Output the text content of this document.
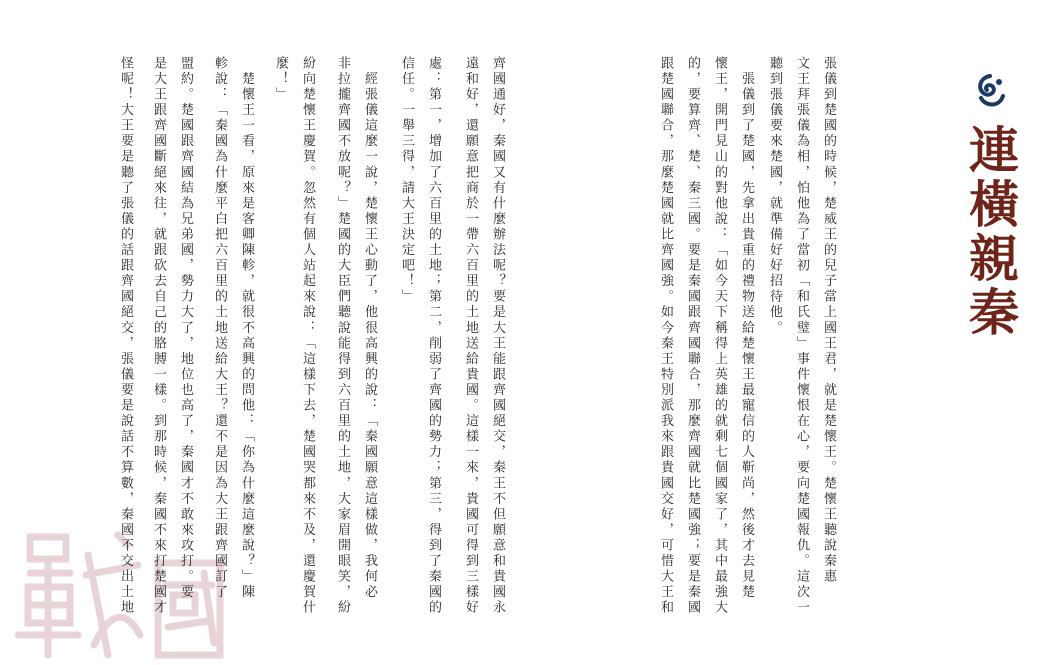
連橫親秦
張儀到楚國的時候，楚威王的兒子當上國王君，就是楚懷王。楚懷王聽說秦惠
文王拜張儀為相，怕他為了當初「和氏璧」事件懷恨在心，要向楚國報仇。這次一
聽到張儀要來楚國，就準備好好招待他。
　張儀到了楚國，先拿出貴重的禮物送給楚懷王最寵信的人靳尚，然後才去見楚
懷王，開門見山的對他說：「如今天下稱得上英雄的就剩七個國家了，其中最強大
的，要算齊、楚、秦三國。要是秦國跟齊國聯合，那麼齊國就比楚國強；要是秦國
跟楚國聯合，那麼楚國就比齊國強。如今秦王特別派我來跟貴國交好，可惜大王和
齊國通好，秦國又有什麼辦法呢？要是大王能跟齊國絕交，秦王不但願意和貴國永
遠和好，還願意把商於一帶六百里的土地送給貴國。這樣一來，貴國可得到三樣好
處：第一，增加了六百里的土地；第二，削弱了齊國的勢力；第三，得到了秦國的
信任。一舉三得，請大王決定吧！」
　經張儀這麼一說，楚懷王心動了，他很高興的說：「秦國願意這樣做，我何必
非拉攏齊國不放呢？」楚國的大臣們聽說能得到六百里的土地，大家眉開眼笑，紛
紛向楚懷王慶賀。忽然有個人站起來說：「這樣下去，楚國哭都來不及，還慶賀什
麼！」
　楚懷王一看，原來是客卿陳軫，就很不高興的問他：「你為什麼這麼說？」陳
軫說：「秦國為什麼平白把六百里的土地送給大王？還不是因為大王跟齊國訂了
盟約。楚國跟齊國結為兄弟國，勢力大了，地位也高了，秦國才不敢來攻打。要
是大王跟齊國斷絕來往，就跟砍去自己的胳膊一樣。到那時候，秦國不來打楚國才
怪呢！大王要是聽了張儀的話跟齊國絕交，張儀要是說話不算數，秦國不交出土地
